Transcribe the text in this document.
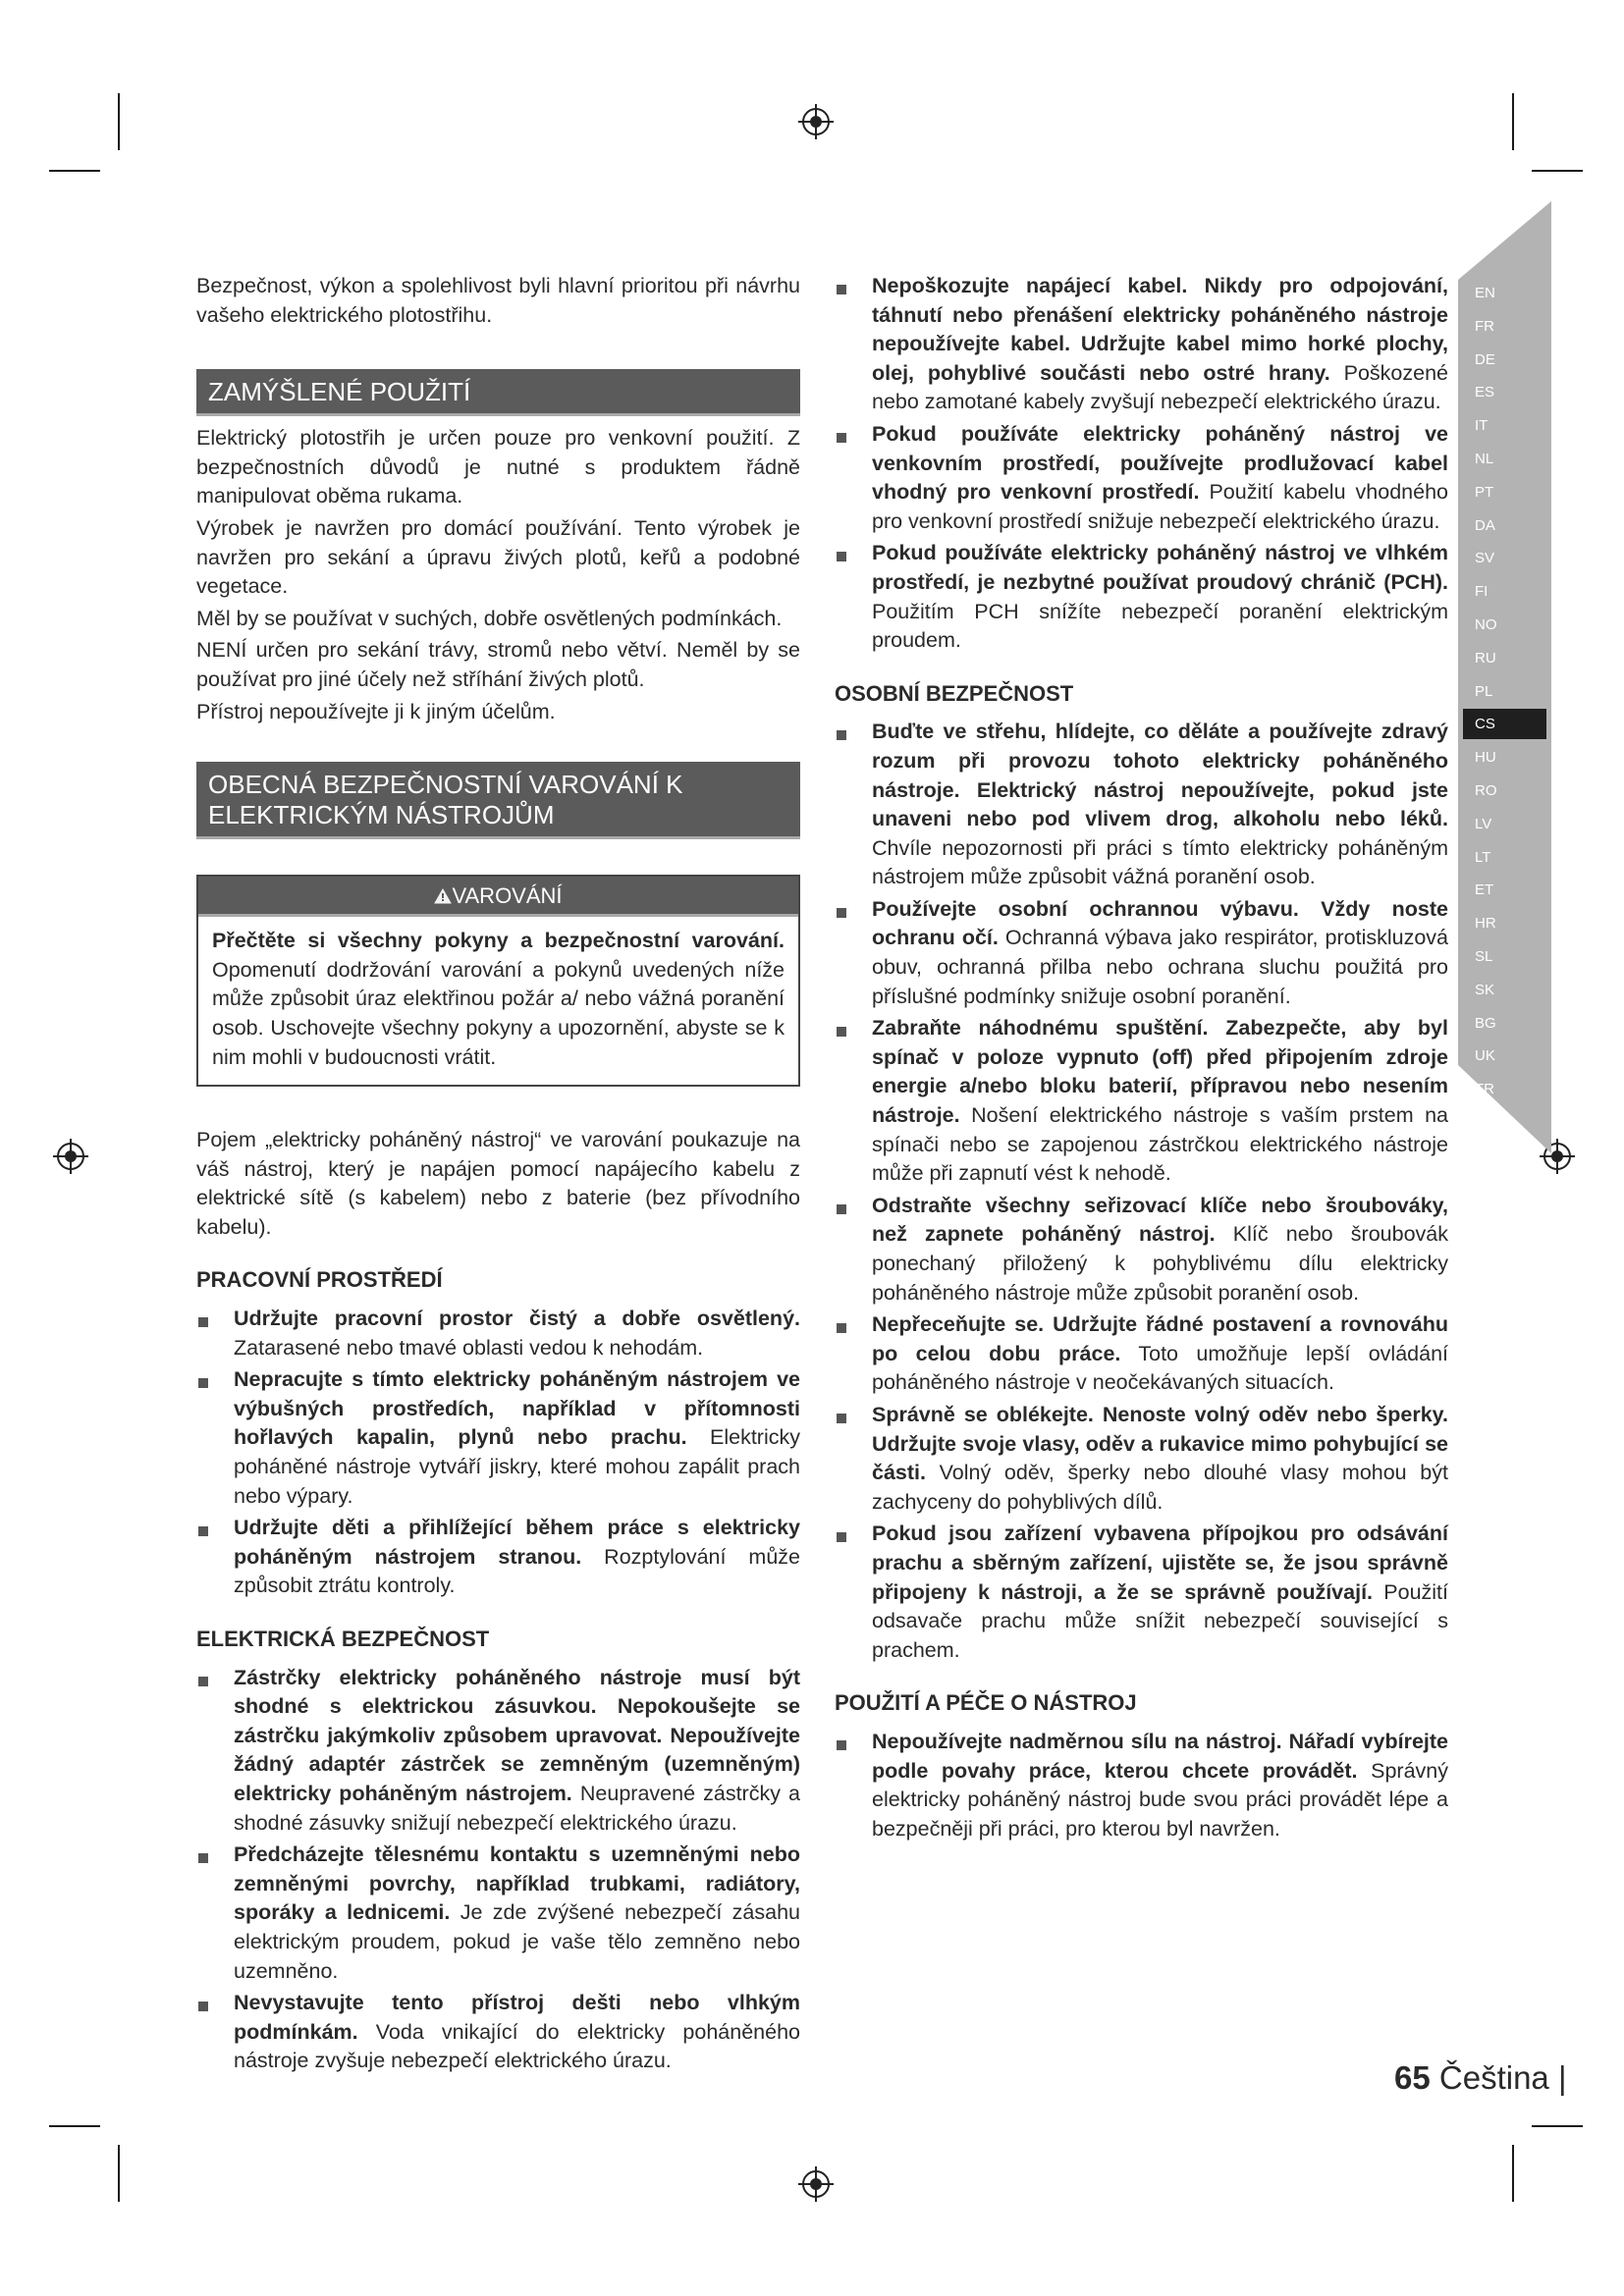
EN
FR
DE
ES
IT
NL
PT
DA
SV
FI
NO
RU
PL
CS
HU
RO
LV
LT
ET
HR
SL
SK
BG
UK
TR

Bezpečnost, výkon a spolehlivost byli hlavní prioritou při návrhu vašeho elektrického plotostřihu.

ZAMÝŠLENÉ POUŽITÍ

Elektrický plotostřih je určen pouze pro venkovní použití. Z bezpečnostních důvodů je nutné s produktem řádně manipulovat oběma rukama.

Výrobek je navržen pro domácí používání. Tento výrobek je navržen pro sekání a úpravu živých plotů, keřů a podobné vegetace.

Měl by se používat v suchých, dobře osvětlených podmínkách.

NENÍ určen pro sekání trávy, stromů nebo větví. Neměl by se používat pro jiné účely než stříhání živých plotů.

Přístroj nepoužívejte ji k jiným účelům.

OBECNÁ BEZPEČNOSTNÍ VAROVÁNÍ K ELEKTRICKÝM NÁSTROJŮM
VAROVÁNÍ

Přečtěte si všechny pokyny a bezpečnostní varování. Opomenutí dodržování varování a pokynů uvedených níže může způsobit úraz elektřinou požár a/ nebo vážná poranění osob. Uschovejte všechny pokyny a upozornění, abyste se k nim mohli v budoucnosti vrátit.

Pojem „elektricky poháněný nástroj“ ve varování poukazuje na váš nástroj, který je napájen pomocí napájecího kabelu z elektrické sítě (s kabelem) nebo z baterie (bez přívodního kabelu).

PRACOVNÍ PROSTŘEDÍ
Udržujte pracovní prostor čistý a dobře osvětlený. Zatarasené nebo tmavé oblasti vedou k nehodám.
Nepracujte s tímto elektricky poháněným nástrojem ve výbušných prostředích, například v přítomnosti hořlavých kapalin, plynů nebo prachu. Elektricky poháněné nástroje vytváří jiskry, které mohou zapálit prach nebo výpary.
Udržujte děti a přihlížející během práce s elektricky poháněným nástrojem stranou. Rozptylování může způsobit ztrátu kontroly.
ELEKTRICKÁ BEZPEČNOST
Zástrčky elektricky poháněného nástroje musí být shodné s elektrickou zásuvkou. Nepokoušejte se zástrčku jakýmkoliv způsobem upravovat. Nepoužívejte žádný adaptér zástrček se zemněným (uzemněným) elektricky poháněným nástrojem. Neupravené zástrčky a shodné zásuvky snižují nebezpečí elektrického úrazu.
Předcházejte tělesnému kontaktu s uzemněnými nebo zemněnými povrchy, například trubkami, radiátory, sporáky a lednicemi. Je zde zvýšené nebezpečí zásahu elektrickým proudem, pokud je vaše tělo zemněno nebo uzemněno.
Nevystavujte tento přístroj dešti nebo vlhkým podmínkám. Voda vnikající do elektricky poháněného nástroje zvyšuje nebezpečí elektrického úrazu.
Nepoškozujte napájecí kabel. Nikdy pro odpojování, táhnutí nebo přenášení elektricky poháněného nástroje nepoužívejte kabel. Udržujte kabel mimo horké plochy, olej, pohyblivé součásti nebo ostré hrany. Poškozené nebo zamotané kabely zvyšují nebezpečí elektrického úrazu.
Pokud používáte elektricky poháněný nástroj ve venkovním prostředí, používejte prodlužovací kabel vhodný pro venkovní prostředí. Použití kabelu vhodného pro venkovní prostředí snižuje nebezpečí elektrického úrazu.
Pokud používáte elektricky poháněný nástroj ve vlhkém prostředí, je nezbytné používat proudový chránič (PCH). Použitím PCH snížíte nebezpečí poranění elektrickým proudem.
OSOBNÍ BEZPEČNOST
Buďte ve střehu, hlídejte, co děláte a používejte zdravý rozum při provozu tohoto elektricky poháněného nástroje. Elektrický nástroj nepoužívejte, pokud jste unaveni nebo pod vlivem drog, alkoholu nebo léků. Chvíle nepozornosti při práci s tímto elektricky poháněným nástrojem může způsobit vážná poranění osob.
Používejte osobní ochrannou výbavu. Vždy noste ochranu očí. Ochranná výbava jako respirátor, protiskluzová obuv, ochranná přilba nebo ochrana sluchu použitá pro příslušné podmínky snižuje osobní poranění.
Zabraňte náhodnému spuštění. Zabezpečte, aby byl spínač v poloze vypnuto (off) před připojením zdroje energie a/nebo bloku baterií, přípravou nebo nesením nástroje. Nošení elektrického nástroje s vaším prstem na spínači nebo se zapojenou zástrčkou elektrického nástroje může při zapnutí vést k nehodě.
Odstraňte všechny seřizovací klíče nebo šroubováky, než zapnete poháněný nástroj. Klíč nebo šroubovák ponechaný přiložený k pohyblivému dílu elektricky poháněného nástroje může způsobit poranění osob.
Nepřeceňujte se. Udržujte řádné postavení a rovnováhu po celou dobu práce. Toto umožňuje lepší ovládání poháněného nástroje v neočekávaných situacích.
Správně se oblékejte. Nenoste volný oděv nebo šperky. Udržujte svoje vlasy, oděv a rukavice mimo pohybující se části. Volný oděv, šperky nebo dlouhé vlasy mohou být zachyceny do pohyblivých dílů.
Pokud jsou zařízení vybavena přípojkou pro odsávání prachu a sběrným zařízení, ujistěte se, že jsou správně připojeny k nástroji, a že se správně používají. Použití odsavače prachu může snížit nebezpečí související s prachem.
POUŽITÍ A PÉČE O NÁSTROJ
Nepoužívejte nadměrnou sílu na nástroj. Nářadí vybírejte podle povahy práce, kterou chcete provádět. Správný elektricky poháněný nástroj bude svou práci provádět lépe a bezpečněji při práci, pro kterou byl navržen.
65 Čeština |
